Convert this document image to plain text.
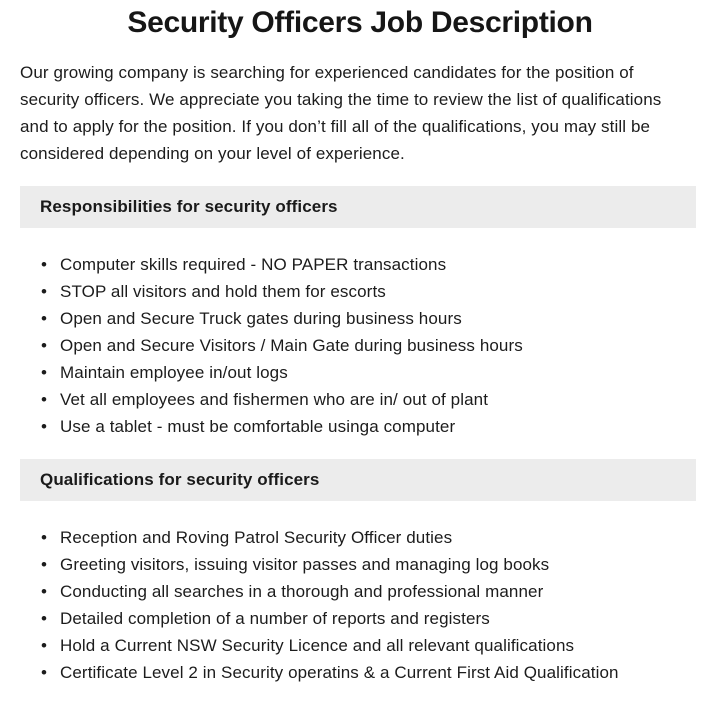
Security Officers Job Description

Our growing company is searching for experienced candidates for the position of security officers. We appreciate you taking the time to review the list of qualifications and to apply for the position. If you don’t fill all of the qualifications, you may still be considered depending on your level of experience.

Responsibilities for security officers
• Computer skills required - NO PAPER transactions
• STOP all visitors and hold them for escorts
• Open and Secure Truck gates during business hours
• Open and Secure Visitors / Main Gate during business hours
• Maintain employee in/out logs
• Vet all employees and fishermen who are in/ out of plant
• Use a tablet - must be comfortable usinga computer
Qualifications for security officers
• Reception and Roving Patrol Security Officer duties
• Greeting visitors, issuing visitor passes and managing log books
• Conducting all searches in a thorough and professional manner
• Detailed completion of a number of reports and registers
• Hold a Current NSW Security Licence and all relevant qualifications
• Certificate Level 2 in Security operatins & a Current First Aid Qualification
